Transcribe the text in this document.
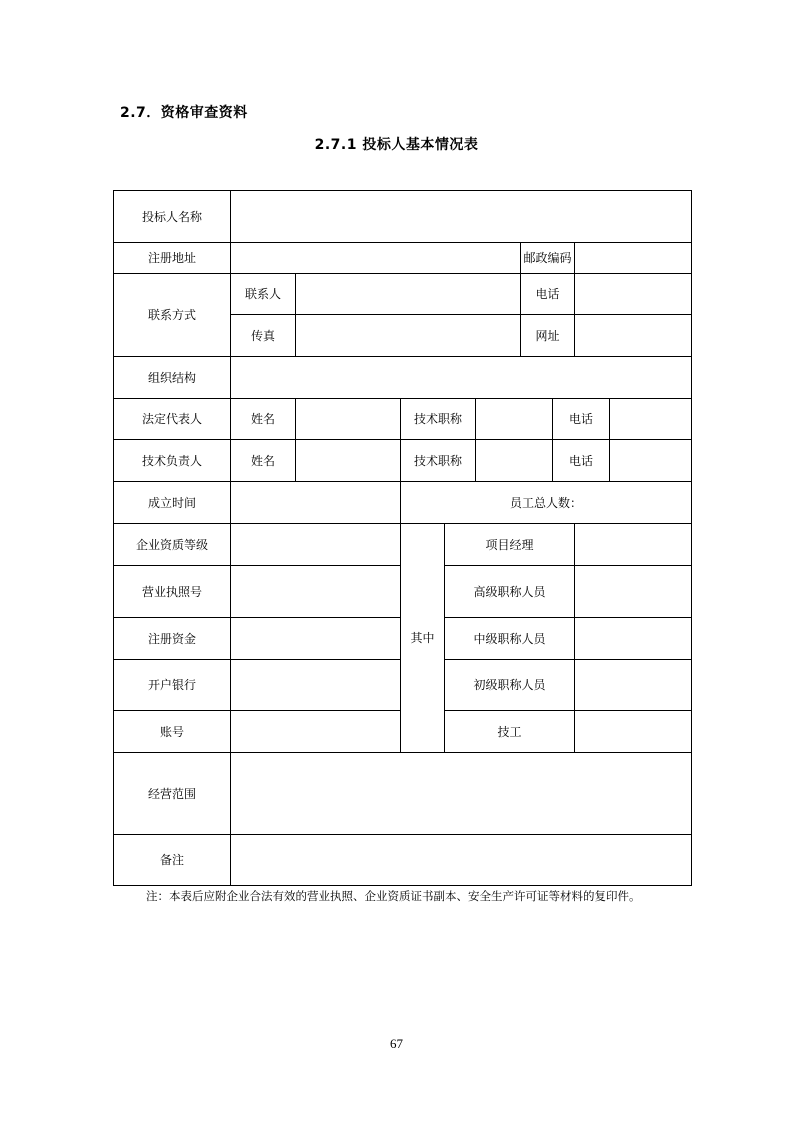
2.7．资格审查资料
2.7.1 投标人基本情况表
投标人名称									
注册地址						邮政编码			
联系方式	联系人					电话			
	传真					网址			
组织结构									
法定代表人	姓名		技术职称				电话		
技术负责人	姓名		技术职称				电话		
成立时间			员工总人数：						
企业资质等级			其中	项目经理					
营业执照号				高级职称人员					
注册资金				中级职称人员					
开户银行				初级职称人员					
账号				技工					
经营范围									
备注									
注：本表后应附企业合法有效的营业执照、企业资质证书副本、安全生产许可证等材料的复印件。
67
